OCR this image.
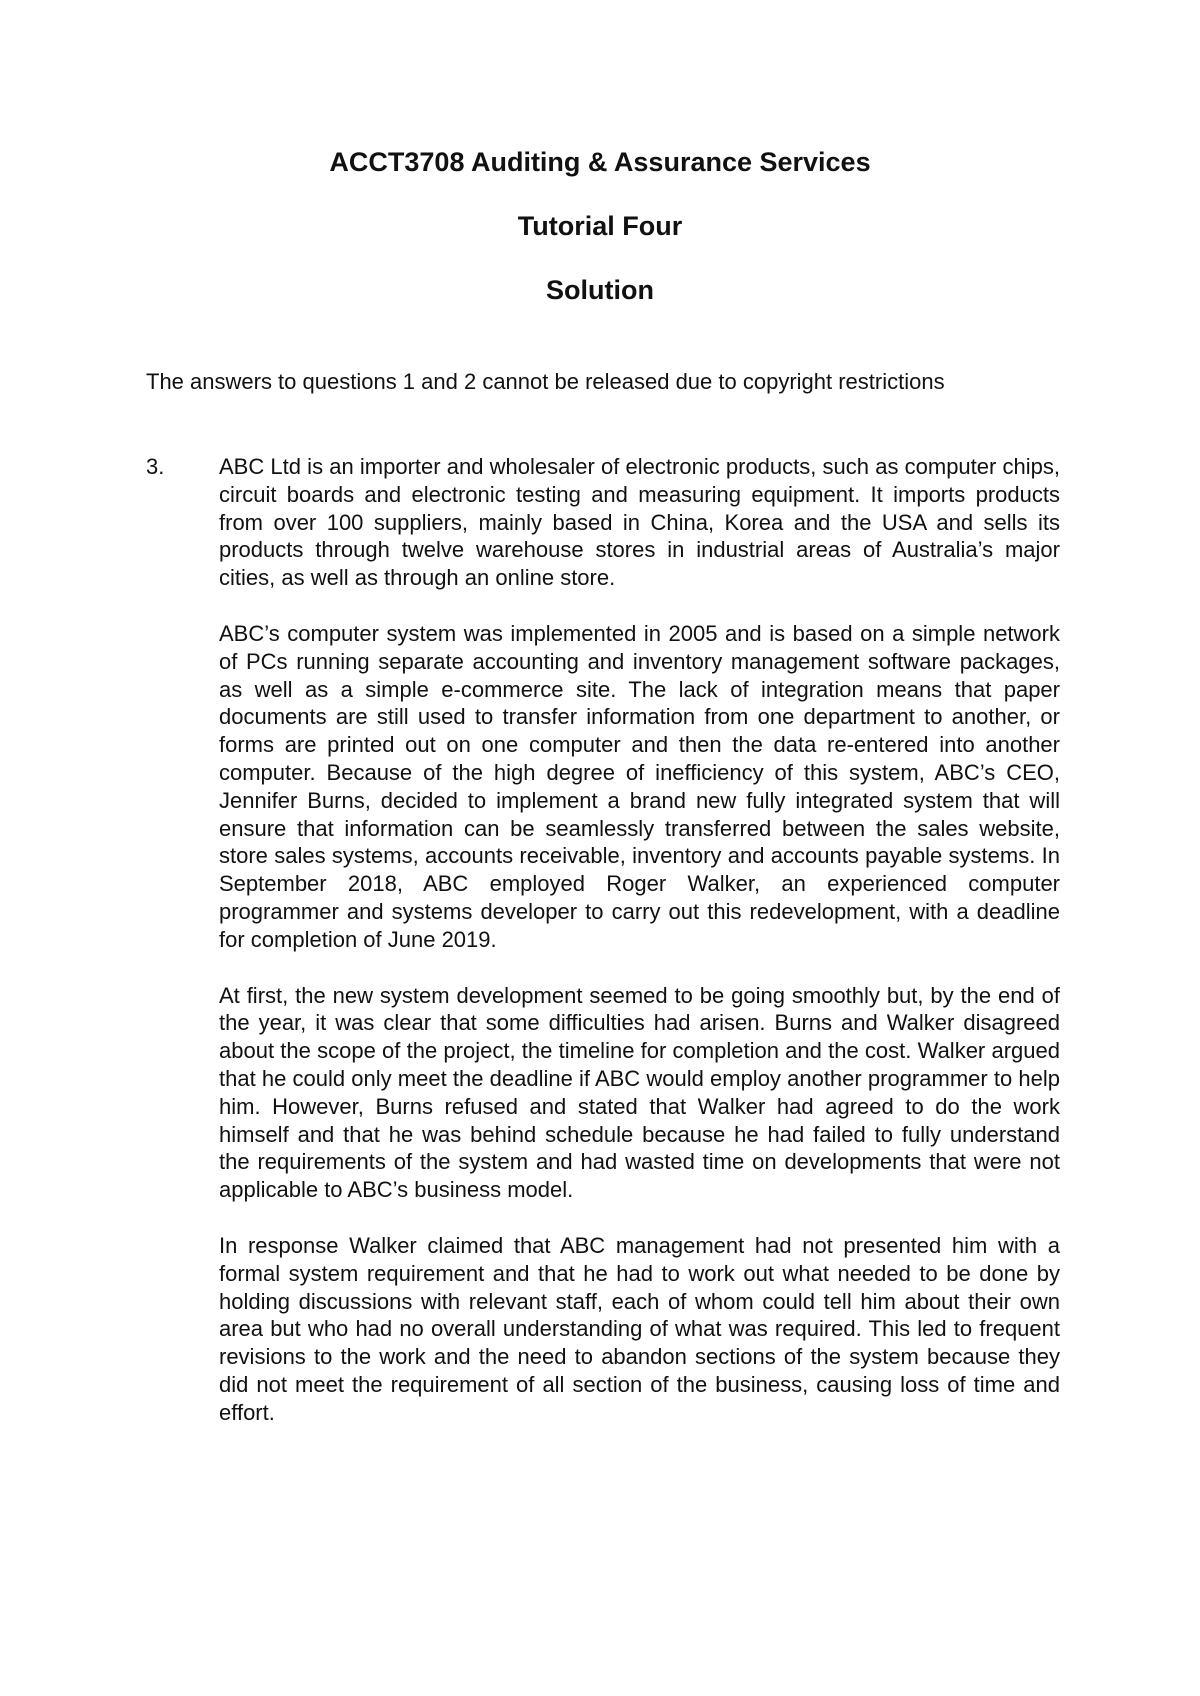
ACCT3708 Auditing & Assurance Services
Tutorial Four
Solution

The answers to questions 1 and 2 cannot be released due to copyright restrictions

3. ABC Ltd is an importer and wholesaler of electronic products, such as computer chips, circuit boards and electronic testing and measuring equipment. It imports products from over 100 suppliers, mainly based in China, Korea and the USA and sells its products through twelve warehouse stores in industrial areas of Australia’s major cities, as well as through an online store.

ABC’s computer system was implemented in 2005 and is based on a simple network of PCs running separate accounting and inventory management software packages, as well as a simple e-commerce site. The lack of integration means that paper documents are still used to transfer information from one department to another, or forms are printed out on one computer and then the data re-entered into another computer. Because of the high degree of inefficiency of this system, ABC’s CEO, Jennifer Burns, decided to implement a brand new fully integrated system that will ensure that information can be seamlessly transferred between the sales website, store sales systems, accounts receivable, inventory and accounts payable systems. In September 2018, ABC employed Roger Walker, an experienced computer programmer and systems developer to carry out this redevelopment, with a deadline for completion of June 2019.

At first, the new system development seemed to be going smoothly but, by the end of the year, it was clear that some difficulties had arisen. Burns and Walker disagreed about the scope of the project, the timeline for completion and the cost. Walker argued that he could only meet the deadline if ABC would employ another programmer to help him. However, Burns refused and stated that Walker had agreed to do the work himself and that he was behind schedule because he had failed to fully understand the requirements of the system and had wasted time on developments that were not applicable to ABC’s business model.

In response Walker claimed that ABC management had not presented him with a formal system requirement and that he had to work out what needed to be done by holding discussions with relevant staff, each of whom could tell him about their own area but who had no overall understanding of what was required. This led to frequent revisions to the work and the need to abandon sections of the system because they did not meet the requirement of all section of the business, causing loss of time and effort.
